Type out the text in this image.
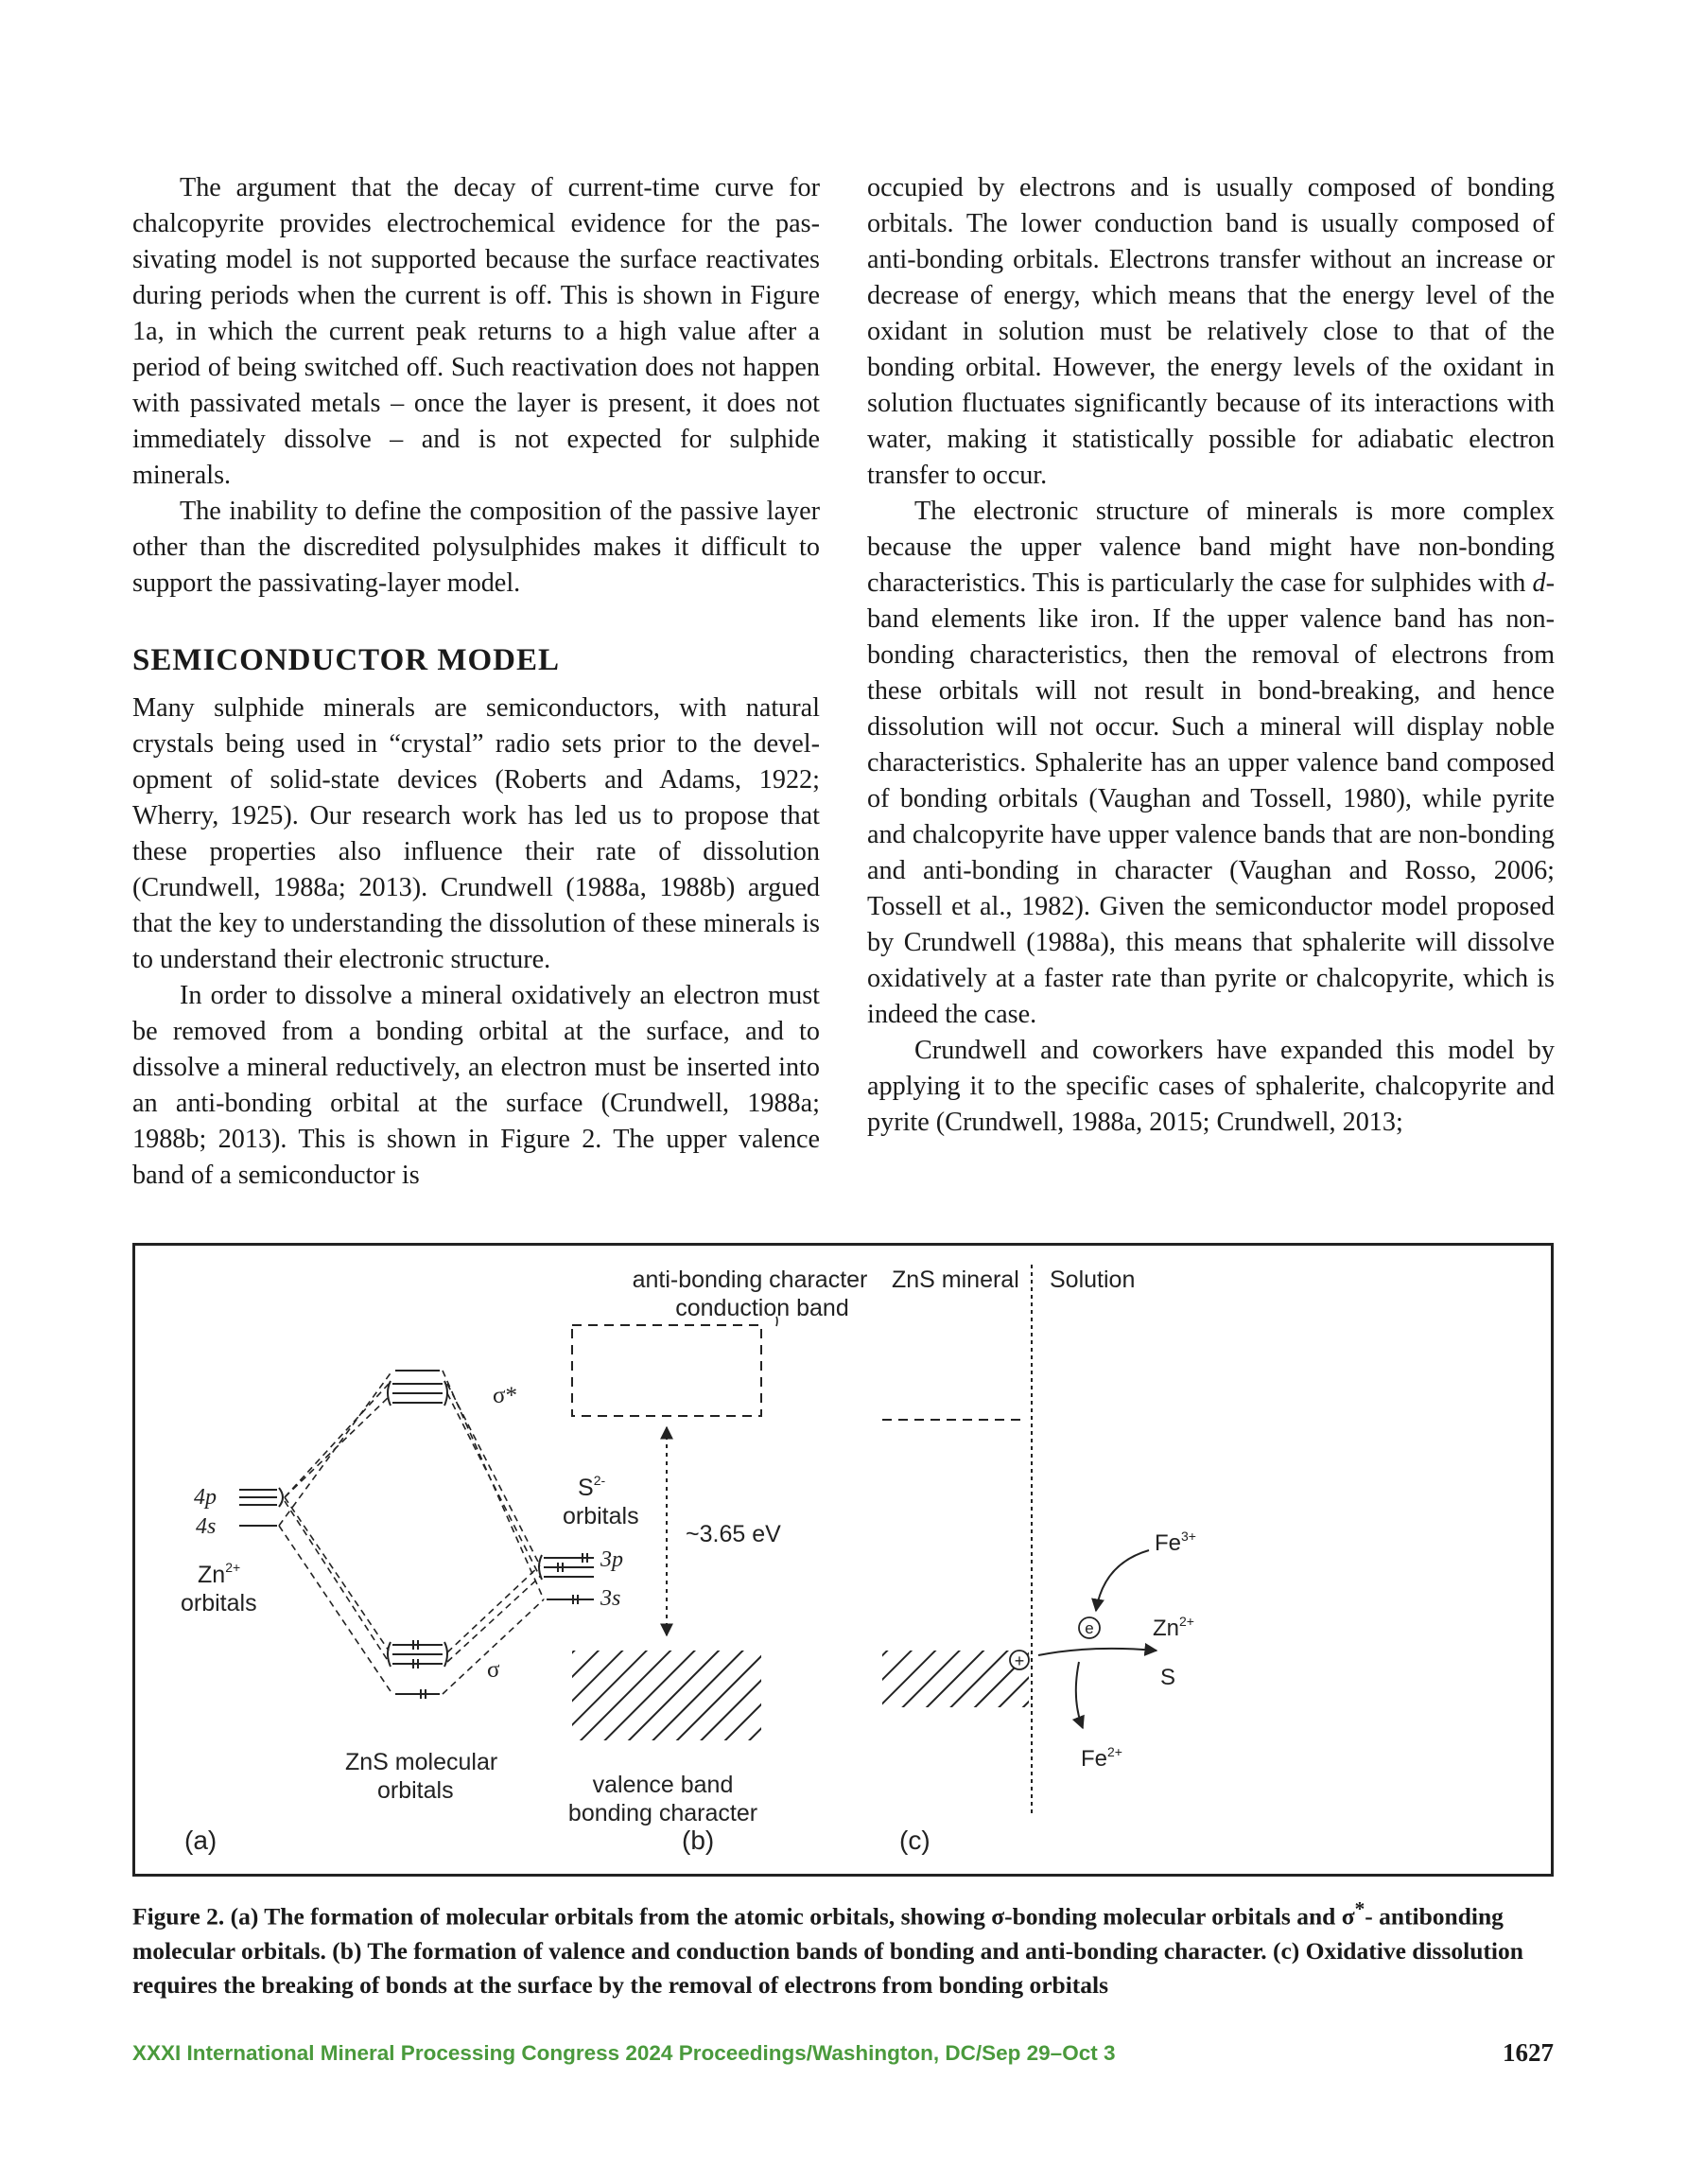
The argument that the decay of current-time curve for chalcopyrite provides electrochemical evidence for the passivating model is not supported because the surface reactivates during periods when the current is off. This is shown in Figure 1a, in which the current peak returns to a high value after a period of being switched off. Such reactivation does not happen with passivated metals – once the layer is present, it does not immediately dissolve – and is not expected for sulphide minerals.

The inability to define the composition of the passive layer other than the discredited polysulphides makes it difficult to support the passivating-layer model.

SEMICONDUCTOR MODEL

Many sulphide minerals are semiconductors, with natural crystals being used in “crystal” radio sets prior to the development of solid-state devices (Roberts and Adams, 1922; Wherry, 1925). Our research work has led us to propose that these properties also influence their rate of dissolution (Crundwell, 1988a; 2013). Crundwell (1988a, 1988b) argued that the key to understanding the dissolution of these minerals is to understand their electronic structure.

In order to dissolve a mineral oxidatively an electron must be removed from a bonding orbital at the surface, and to dissolve a mineral reductively, an electron must be inserted into an anti-bonding orbital at the surface (Crundwell, 1988a; 1988b; 2013). This is shown in Figure 2. The upper valence band of a semiconductor is

occupied by electrons and is usually composed of bonding orbitals. The lower conduction band is usually composed of anti-bonding orbitals. Electrons transfer without an increase or decrease of energy, which means that the energy level of the oxidant in solution must be relatively close to that of the bonding orbital. However, the energy levels of the oxidant in solution fluctuates significantly because of its interactions with water, making it statistically possible for adiabatic electron transfer to occur.

The electronic structure of minerals is more complex because the upper valence band might have non-bonding characteristics. This is particularly the case for sulphides with d-band elements like iron. If the upper valence band has non-bonding characteristics, then the removal of electrons from these orbitals will not result in bond-breaking, and hence dissolution will not occur. Such a mineral will display noble characteristics. Sphalerite has an upper valence band composed of bonding orbitals (Vaughan and Tossell, 1980), while pyrite and chalcopyrite have upper valence bands that are non-bonding and anti-bonding in character (Vaughan and Rosso, 2006; Tossell et al., 1982). Given the semiconductor model proposed by Crundwell (1988a), this means that sphalerite will dissolve oxidatively at a faster rate than pyrite or chalcopyrite, which is indeed the case.

Crundwell and coworkers have expanded this model by applying it to the specific cases of sphalerite, chalcopyrite and pyrite (Crundwell, 1988a, 2015; Crundwell, 2013;

4p
4s
$Zn^{2+}$
orbitals
σ*
σ
$S^{2-}$
orbitals
3p
3s
ZnS molecular
orbitals
(a)
anti-bonding character
conduction band
~3.65 eV
valence band
bonding character
(b)
ZnS mineral Solution
+
e
$Fe^{3+}$
$Zn^{2+}$
S
$Fe^{2+}$
(c)
Figure 2. (a) The formation of molecular orbitals from the atomic orbitals, showing σ-bonding molecular orbitals and σ*- antibonding molecular orbitals. (b) The formation of valence and conduction bands of bonding and anti-bonding character. (c) Oxidative dissolution requires the breaking of bonds at the surface by the removal of electrons from bonding orbitals
XXXI International Mineral Processing Congress 2024 Proceedings/Washington, DC/Sep 29–Oct 3	1627
